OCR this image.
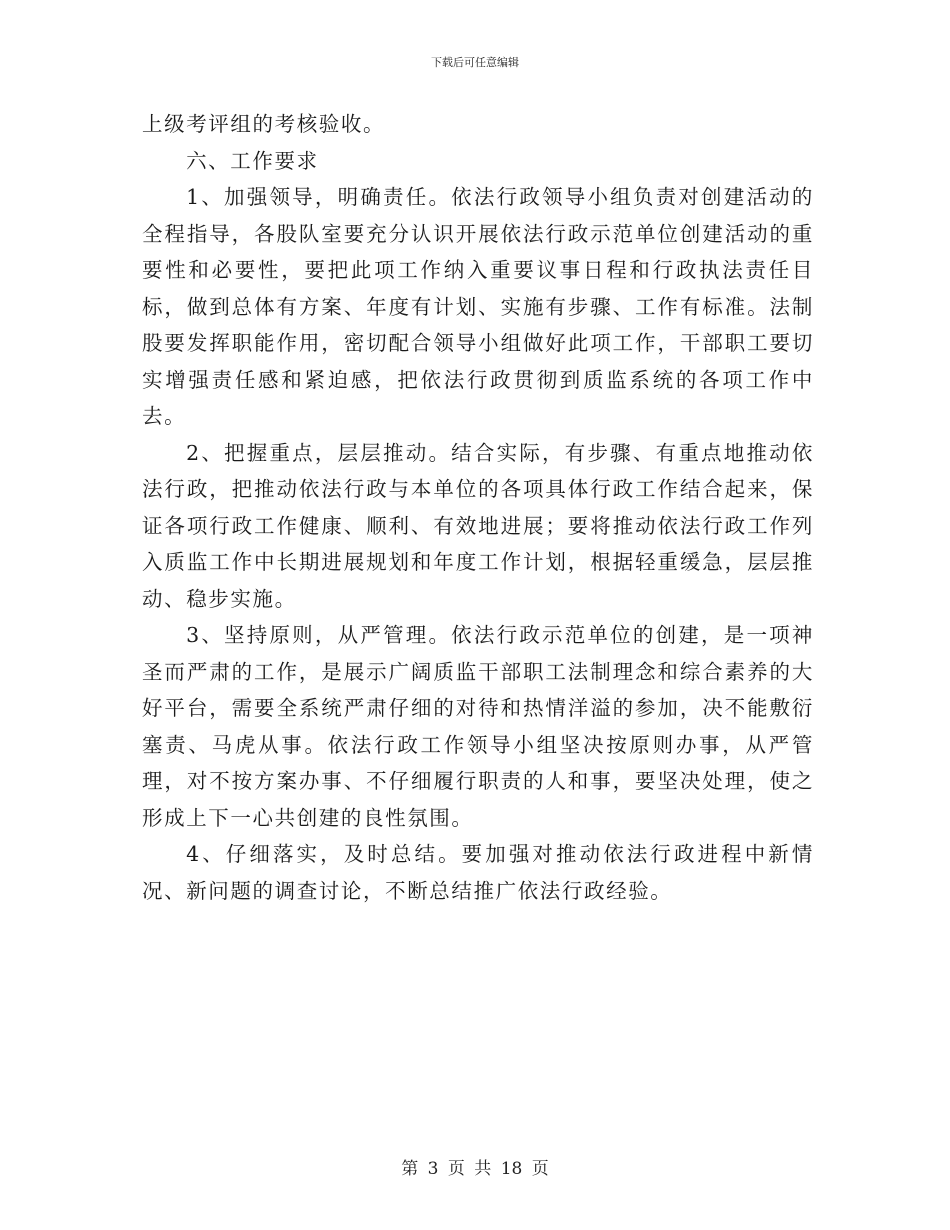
下载后可任意编辑

上级考评组的考核验收。

六、工作要求

1、加强领导，明确责任。依法行政领导小组负责对创建活动的全程指导，各股队室要充分认识开展依法行政示范单位创建活动的重要性和必要性，要把此项工作纳入重要议事日程和行政执法责任目标，做到总体有方案、年度有计划、实施有步骤、工作有标准。法制股要发挥职能作用，密切配合领导小组做好此项工作，干部职工要切实增强责任感和紧迫感，把依法行政贯彻到质监系统的各项工作中去。

2、把握重点，层层推动。结合实际，有步骤、有重点地推动依法行政，把推动依法行政与本单位的各项具体行政工作结合起来，保证各项行政工作健康、顺利、有效地进展；要将推动依法行政工作列入质监工作中长期进展规划和年度工作计划，根据轻重缓急，层层推动、稳步实施。

3、坚持原则，从严管理。依法行政示范单位的创建，是一项神圣而严肃的工作，是展示广阔质监干部职工法制理念和综合素养的大好平台，需要全系统严肃仔细的对待和热情洋溢的参加，决不能敷衍塞责、马虎从事。依法行政工作领导小组坚决按原则办事，从严管理，对不按方案办事、不仔细履行职责的人和事，要坚决处理，使之形成上下一心共创建的良性氛围。

4、仔细落实，及时总结。要加强对推动依法行政进程中新情况、新问题的调查讨论，不断总结推广依法行政经验。

第 3 页 共 18 页
